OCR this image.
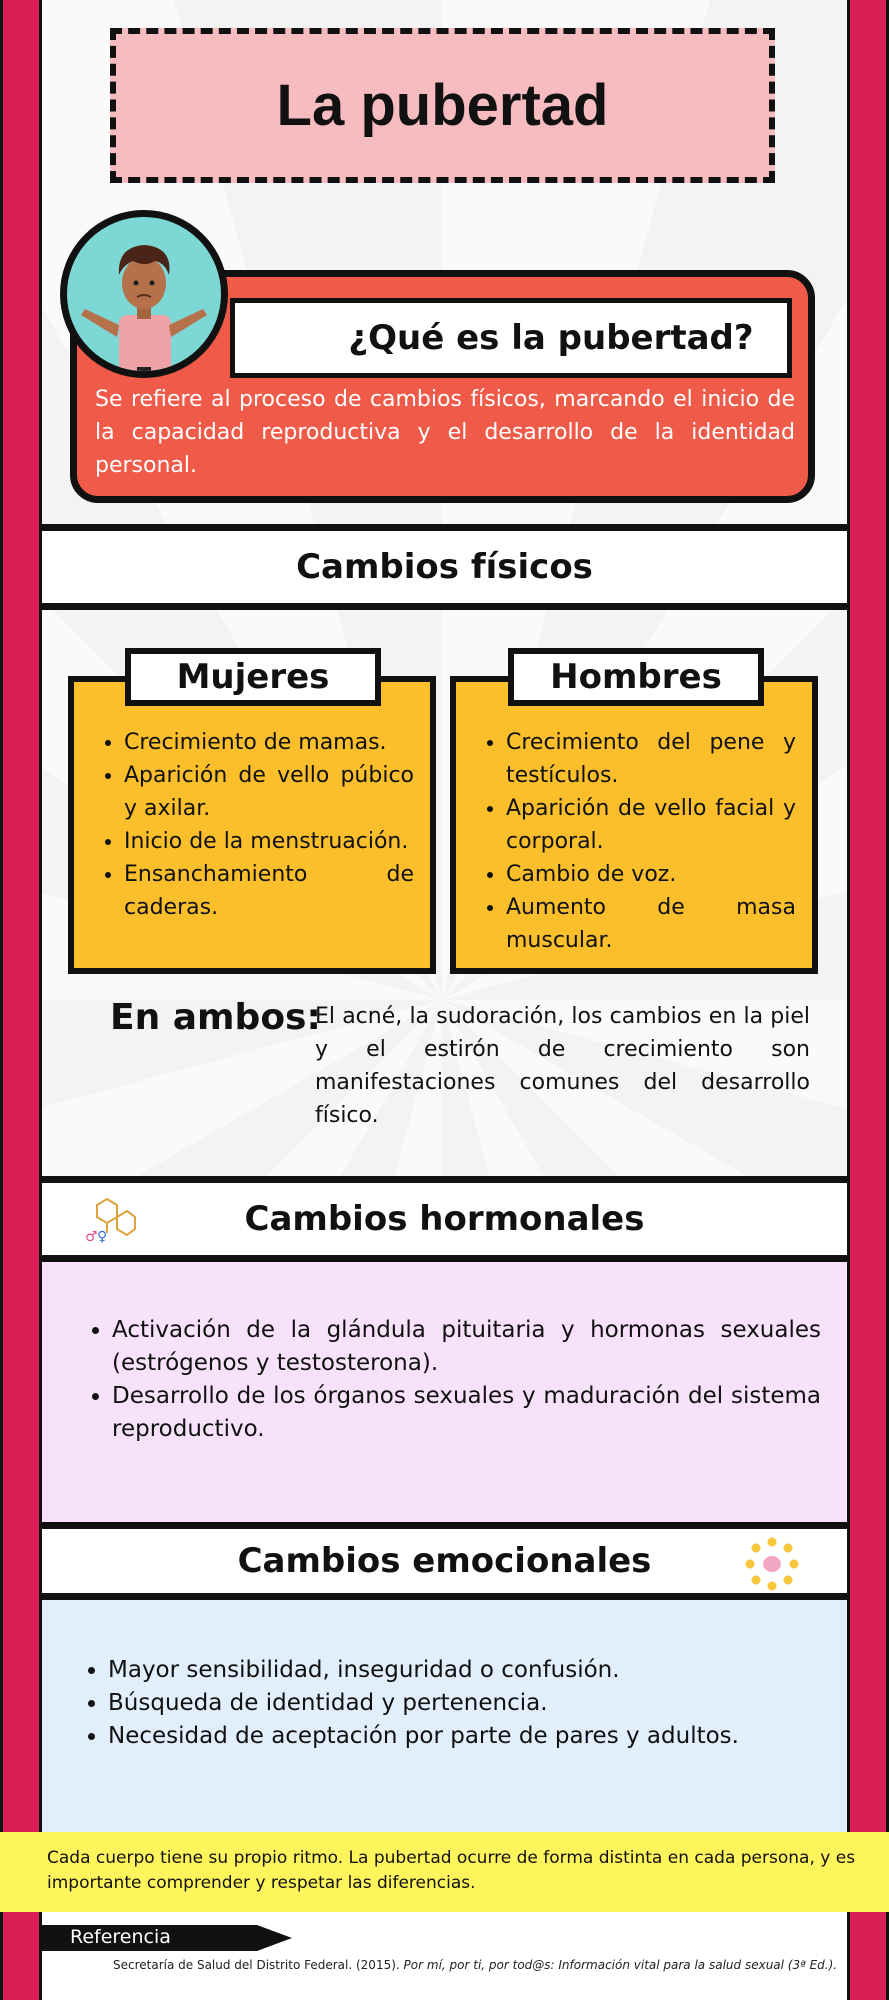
La pubertad
¿Qué es la pubertad?
Se refiere al proceso de cambios físicos, marcando el inicio de la capacidad reproductiva y el desarrollo de la identidad personal.
Cambios físicos
• Crecimiento de mamas.
• Aparición de vello púbico y axilar.
• Inicio de la menstruación.
• Ensanchamiento de caderas.
Mujeres
• Crecimiento del pene y testículos.
• Aparición de vello facial y corporal.
• Cambio de voz.
• Aumento de masa muscular.
Hombres
En ambos:
El acné, la sudoración, los cambios en la piel y el estirón de crecimiento son manifestaciones comunes del desarrollo físico.
Cambios hormonales
♂ ♀
• Activación de la glándula pituitaria y hormonas sexuales (estrógenos y testosterona).
• Desarrollo de los órganos sexuales y maduración del sistema reproductivo.
Cambios emocionales
• Mayor sensibilidad, inseguridad o confusión.
• Búsqueda de identidad y pertenencia.
• Necesidad de aceptación por parte de pares y adultos.
Cada cuerpo tiene su propio ritmo. La pubertad ocurre de forma distinta en cada persona, y es importante comprender y respetar las diferencias.
Referencia
Secretaría de Salud del Distrito Federal. (2015). Por mí, por ti, por tod@s: Información vital para la salud sexual (3ª Ed.).
